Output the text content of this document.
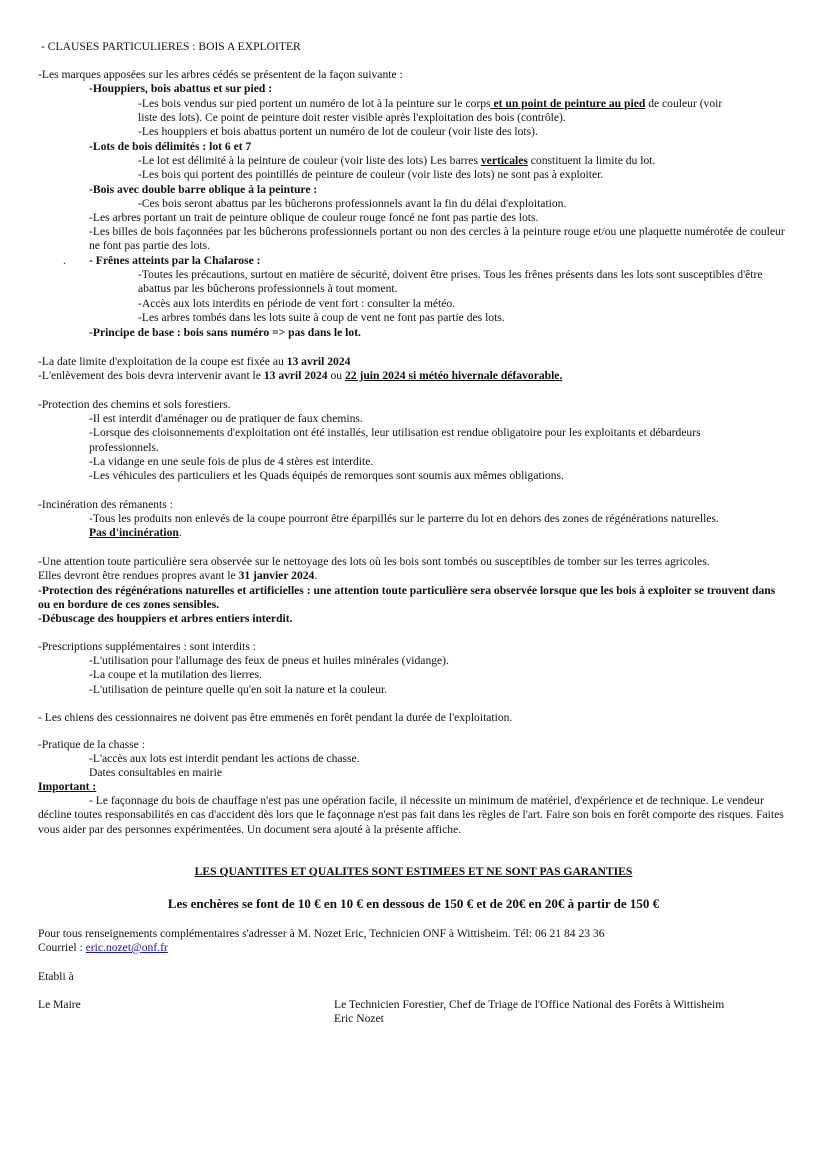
- CLAUSES PARTICULIERES : BOIS A EXPLOITER
-Les marques apposées sur les arbres cédés se présentent de la façon suivante :
-Houppiers, bois abattus et sur pied :
-Les bois vendus sur pied portent un numéro de lot à la peinture sur le corps et un point de peinture au pied de couleur (voir
liste des lots). Ce point de peinture doit rester visible après l'exploitation des bois (contrôle).
-Les houppiers et bois abattus portent un numéro de lot de couleur (voir liste des lots).
-Lots de bois délimités : lot 6 et 7
-Le lot est délimité à la peinture de couleur (voir liste des lots) Les barres verticales constituent la limite du lot.
-Les bois qui portent des pointillés de peinture de couleur (voir liste des lots) ne sont pas à exploiter.
-Bois avec double barre oblique à la peinture :
-Ces bois seront abattus par les bûcherons professionnels avant la fin du délai d'exploitation.
-Les arbres portant un trait de peinture oblique de couleur rouge foncé ne font pas partie des lots.
-Les billes de bois façonnées par les bûcherons professionnels portant ou non des cercles à la peinture rouge et/ou une plaquette numérotée de couleur ne font pas partie des lots.
. - Frênes atteints par la Chalarose :
-Toutes les précautions, surtout en matière de sécurité, doivent être prises. Tous les frênes présents dans les lots sont susceptibles d'être abattus par les bûcherons professionnels à tout moment.
-Accès aux lots interdits en période de vent fort : consulter la météo.
-Les arbres tombés dans les lots suite à coup de vent ne font pas partie des lots.
-Principe de base : bois sans numéro => pas dans le lot.
-La date limite d'exploitation de la coupe est fixée au 13 avril 2024
-L'enlèvement des bois devra intervenir avant le 13 avril 2024 ou 22 juin 2024 si météo hivernale défavorable.
-Protection des chemins et sols forestiers.
-Il est interdit d'aménager ou de pratiquer de faux chemins.
-Lorsque des cloisonnements d'exploitation ont été installés, leur utilisation est rendue obligatoire pour les exploitants et débardeurs
professionnels.
-La vidange en une seule fois de plus de 4 stères est interdite.
-Les véhicules des particuliers et les Quads équipés de remorques sont soumis aux mêmes obligations.
-Incinération des rémanents :
-Tous les produits non enlevés de la coupe pourront être éparpillés sur le parterre du lot en dehors des zones de régénérations naturelles.
Pas d'incinération.
-Une attention toute particulière sera observée sur le nettoyage des lots où les bois sont tombés ou susceptibles de tomber sur les terres agricoles.
Elles devront être rendues propres avant le 31 janvier 2024.
-Protection des régénérations naturelles et artificielles : une attention toute particulière sera observée lorsque que les bois à exploiter se trouvent dans ou en bordure de ces zones sensibles.
-Débuscage des houppiers et arbres entiers interdit.
-Prescriptions supplémentaires : sont interdits :
-L'utilisation pour l'allumage des feux de pneus et huiles minérales (vidange).
-La coupe et la mutilation des lierres.
-L'utilisation de peinture quelle qu'en soit la nature et la couleur.
- Les chiens des cessionnaires ne doivent pas être emmenés en forêt pendant la durée de l'exploitation.
-Pratique de la chasse :
-L'accès aux lots est interdit pendant les actions de chasse.
Dates consultables en mairie
Important :
- Le façonnage du bois de chauffage n'est pas une opération facile, il nécessite un minimum de matériel, d'expérience et de technique. Le vendeur décline toutes responsabilités en cas d'accident dès lors que le façonnage n'est pas fait dans les règles de l'art. Faire son bois en forêt comporte des risques. Faites vous aider par des personnes expérimentées. Un document sera ajouté à la présente affiche.
LES QUANTITES ET QUALITES SONT ESTIMEES ET NE SONT PAS GARANTIES
Les enchères se font de 10 € en 10 € en dessous de 150 € et de 20€ en 20€ à partir de 150 €
Pour tous renseignements complémentaires s'adresser à M. Nozet Eric, Technicien ONF à Wittisheim. Tél: 06 21 84 23 36
Courriel : eric.nozet@onf.fr
Etabli à
Le Maire	Le Technicien Forestier, Chef de Triage de l'Office National des Forêts à Wittisheim
Eric Nozet
